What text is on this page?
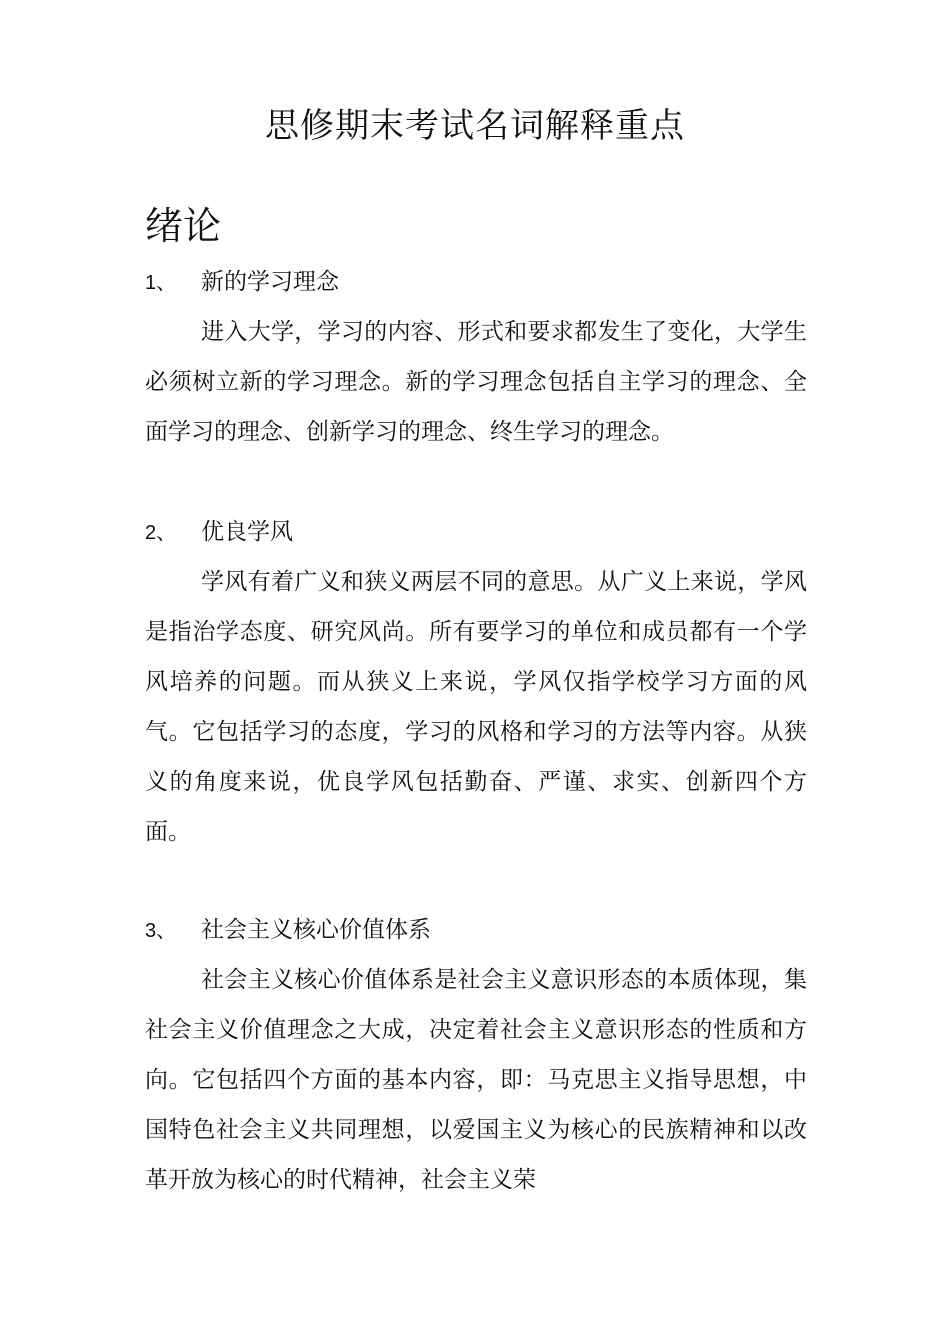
思修期末考试名词解释重点
绪论
1、 新的学习理念

进入大学，学习的内容、形式和要求都发生了变化，大学生必须树立新的学习理念。新的学习理念包括自主学习的理念、全面学习的理念、创新学习的理念、终生学习的理念。

2、 优良学风

学风有着广义和狭义两层不同的意思。从广义上来说，学风是指治学态度、研究风尚。所有要学习的单位和成员都有一个学风培养的问题。而从狭义上来说，学风仅指学校学习方面的风气。它包括学习的态度，学习的风格和学习的方法等内容。从狭义的角度来说，优良学风包括勤奋、严谨、求实、创新四个方面。

3、 社会主义核心价值体系

社会主义核心价值体系是社会主义意识形态的本质体现，集社会主义价值理念之大成，决定着社会主义意识形态的性质和方向。它包括四个方面的基本内容，即：马克思主义指导思想，中国特色社会主义共同理想，以爱国主义为核心的民族精神和以改革开放为核心的时代精神，社会主义荣
